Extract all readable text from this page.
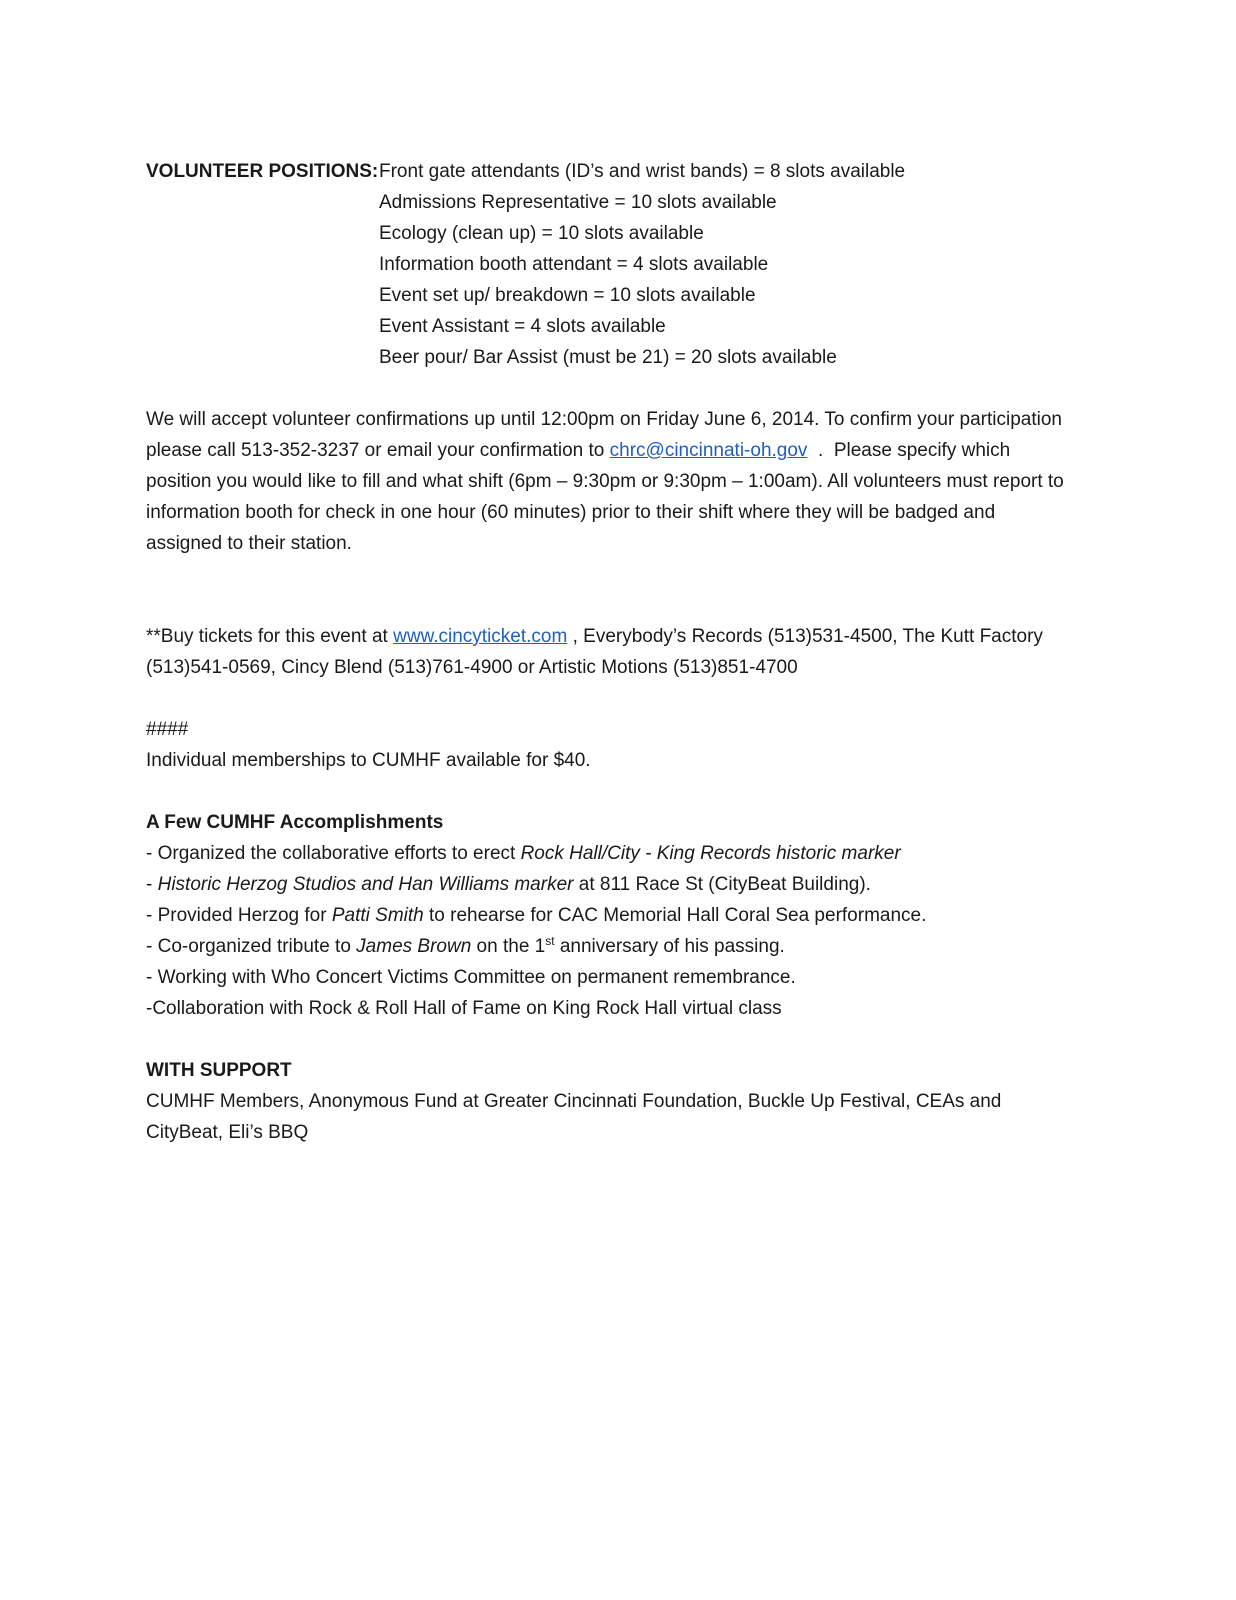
VOLUNTEER POSITIONS: Front gate attendants (ID’s and wrist bands) = 8 slots available
Admissions Representative = 10 slots available
Ecology (clean up) = 10 slots available
Information booth attendant = 4 slots available
Event set up/ breakdown = 10 slots available
Event Assistant = 4 slots available
Beer pour/ Bar Assist (must be 21) = 20 slots available

We will accept volunteer confirmations up until 12:00pm on Friday June 6, 2014. To confirm your participation please call 513-352-3237 or email your confirmation to chrc@cincinnati-oh.gov  .  Please specify which position you would like to fill and what shift (6pm – 9:30pm or 9:30pm – 1:00am). All volunteers must report to information booth for check in one hour (60 minutes) prior to their shift where they will be badged and assigned to their station.

**Buy tickets for this event at www.cincyticket.com , Everybody’s Records (513)531-4500, The Kutt Factory (513)541-0569, Cincy Blend (513)761-4900 or Artistic Motions (513)851-4700

####

Individual memberships to CUMHF available for $40.

A Few CUMHF Accomplishments

- Organized the collaborative efforts to erect Rock Hall/City - King Records historic marker
- Historic Herzog Studios and Han Williams marker at 811 Race St (CityBeat Building).
- Provided Herzog for Patti Smith to rehearse for CAC Memorial Hall Coral Sea performance.
- Co-organized tribute to James Brown on the 1st anniversary of his passing.
- Working with Who Concert Victims Committee on permanent remembrance.
-Collaboration with Rock & Roll Hall of Fame on King Rock Hall virtual class

WITH SUPPORT

CUMHF Members, Anonymous Fund at Greater Cincinnati Foundation, Buckle Up Festival, CEAs and CityBeat, Eli’s BBQ
